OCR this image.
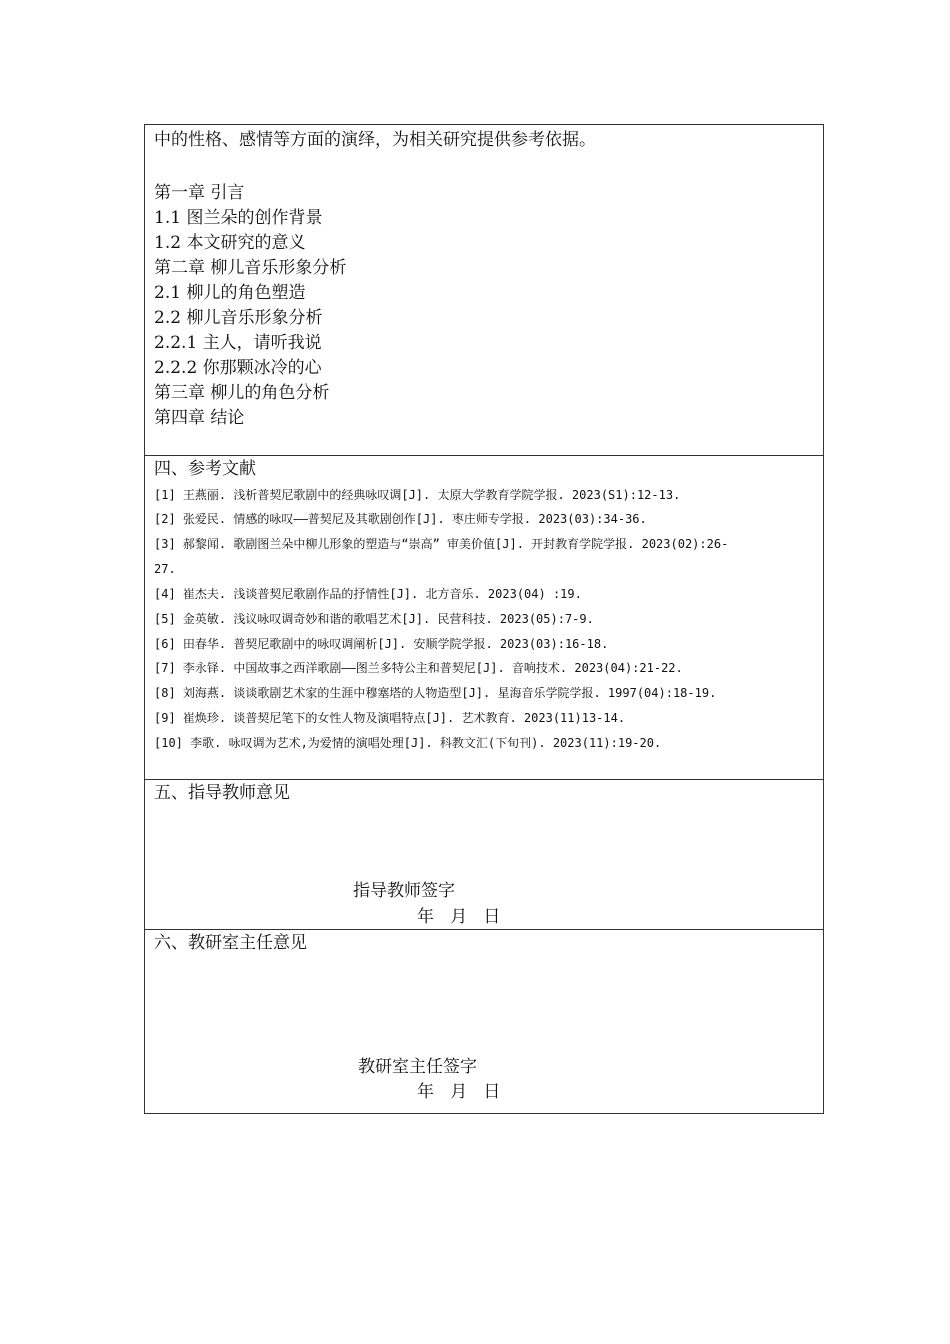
中的性格、感情等方面的演绎，为相关研究提供参考依据。
第一章 引言
1.1 图兰朵的创作背景
1.2 本文研究的意义
第二章 柳儿音乐形象分析
2.1 柳儿的角色塑造
2.2 柳儿音乐形象分析
2.2.1 主人，请听我说
2.2.2 你那颗冰冷的心
第三章 柳儿的角色分析
第四章 结论
四、参考文献
[1] 王燕丽. 浅析普契尼歌剧中的经典咏叹调[J]. 太原大学教育学院学报. 2023(S1):12-13.
[2] 张爱民. 情感的咏叹——普契尼及其歌剧创作[J]. 枣庄师专学报. 2023(03):34-36.
[3] 郝黎闻. 歌剧图兰朵中柳儿形象的塑造与“崇高” 审美价值[J]. 开封教育学院学报. 2023(02):26-
27.
[4] 崔杰夫. 浅谈普契尼歌剧作品的抒情性[J]. 北方音乐. 2023(04) :19.
[5] 金英敏. 浅议咏叹调奇妙和谐的歌唱艺术[J]. 民营科技. 2023(05):7-9.
[6] 田春华. 普契尼歌剧中的咏叹调阐析[J]. 安顺学院学报. 2023(03):16-18.
[7] 李永铎. 中国故事之西洋歌剧——图兰多特公主和普契尼[J]. 音响技术. 2023(04):21-22.
[8] 刘海燕. 谈谈歌剧艺术家的生涯中穆塞塔的人物造型[J]. 星海音乐学院学报. 1997(04):18-19.
[9] 崔焕珍. 谈普契尼笔下的女性人物及演唱特点[J]. 艺术教育. 2023(11)13-14.
[10] 李歌. 咏叹调为艺术,为爱情的演唱处理[J]. 科教文汇(下旬刊). 2023(11):19-20.
五、指导教师意见
指导教师签字
年   月   日
六、教研室主任意见
教研室主任签字
年   月   日
